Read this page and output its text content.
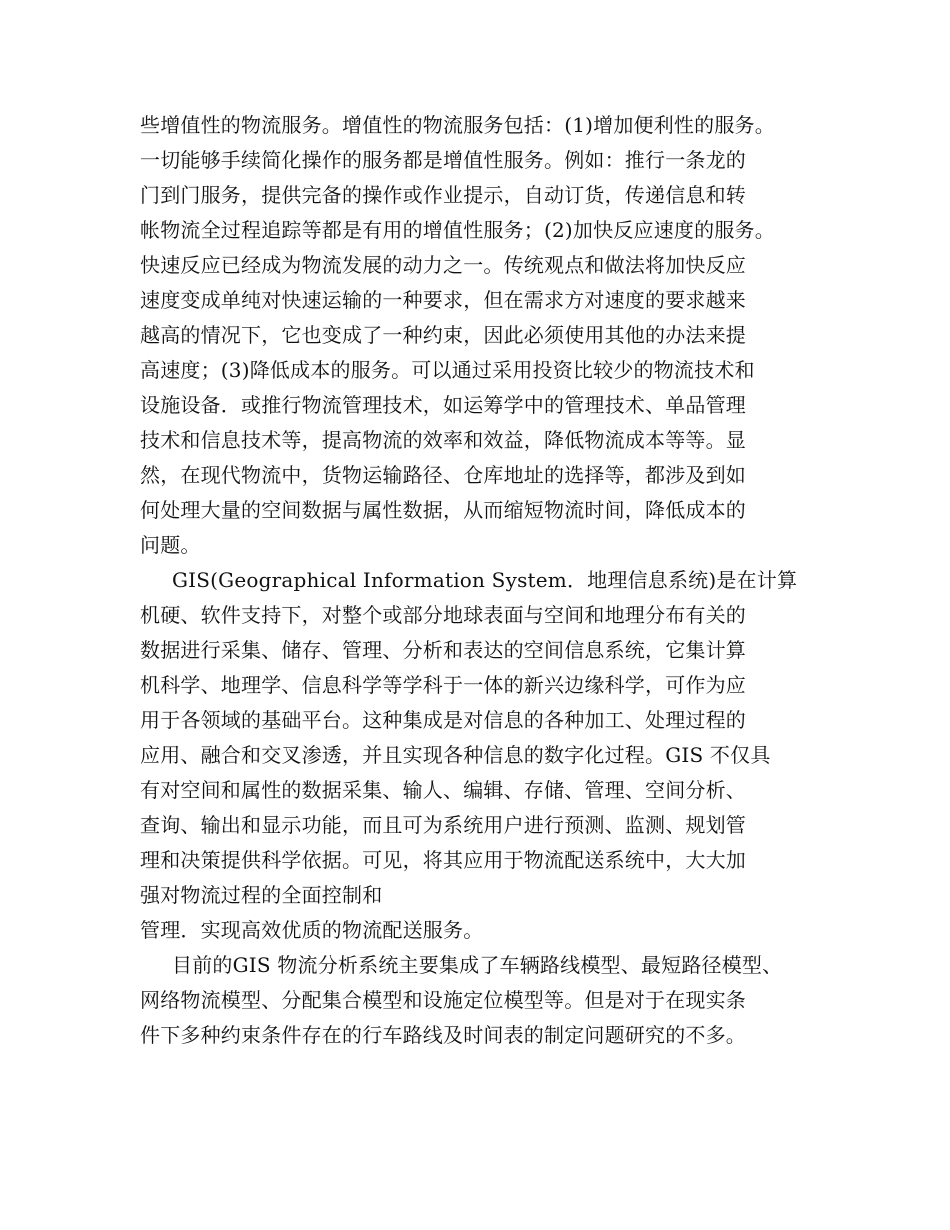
些增值性的物流服务。增值性的物流服务包括：(1)增加便利性的服务。
一切能够手续简化操作的服务都是增值性服务。例如：推行一条龙的
门到门服务，提供完备的操作或作业提示，自动订货，传递信息和转
帐物流全过程追踪等都是有用的增值性服务；(2)加快反应速度的服务。
快速反应已经成为物流发展的动力之一。传统观点和做法将加快反应
速度变成单纯对快速运输的一种要求，但在需求方对速度的要求越来
越高的情况下，它也变成了一种约束，因此必须使用其他的办法来提
高速度；(3)降低成本的服务。可以通过采用投资比较少的物流技术和
设施设备．或推行物流管理技术，如运筹学中的管理技术、单品管理
技术和信息技术等，提高物流的效率和效益，降低物流成本等等。显
然，在现代物流中，货物运输路径、仓库地址的选择等，都涉及到如
何处理大量的空间数据与属性数据，从而缩短物流时间，降低成本的
问题。
GIS(Geographical Information System．地理信息系统)是在计算
机硬、软件支持下，对整个或部分地球表面与空间和地理分布有关的
数据进行采集、储存、管理、分析和表达的空间信息系统，它集计算
机科学、地理学、信息科学等学科于一体的新兴边缘科学，可作为应
用于各领域的基础平台。这种集成是对信息的各种加工、处理过程的
应用、融合和交叉渗透，并且实现各种信息的数字化过程。GIS 不仅具
有对空间和属性的数据采集、输人、编辑、存储、管理、空间分析、
查询、输出和显示功能，而且可为系统用户进行预测、监测、规划管
理和决策提供科学依据。可见，将其应用于物流配送系统中，大大加
强对物流过程的全面控制和
管理．实现高效优质的物流配送服务。
目前的GIS 物流分析系统主要集成了车辆路线模型、最短路径模型、
网络物流模型、分配集合模型和设施定位模型等。但是对于在现实条
件下多种约束条件存在的行车路线及时间表的制定问题研究的不多。
